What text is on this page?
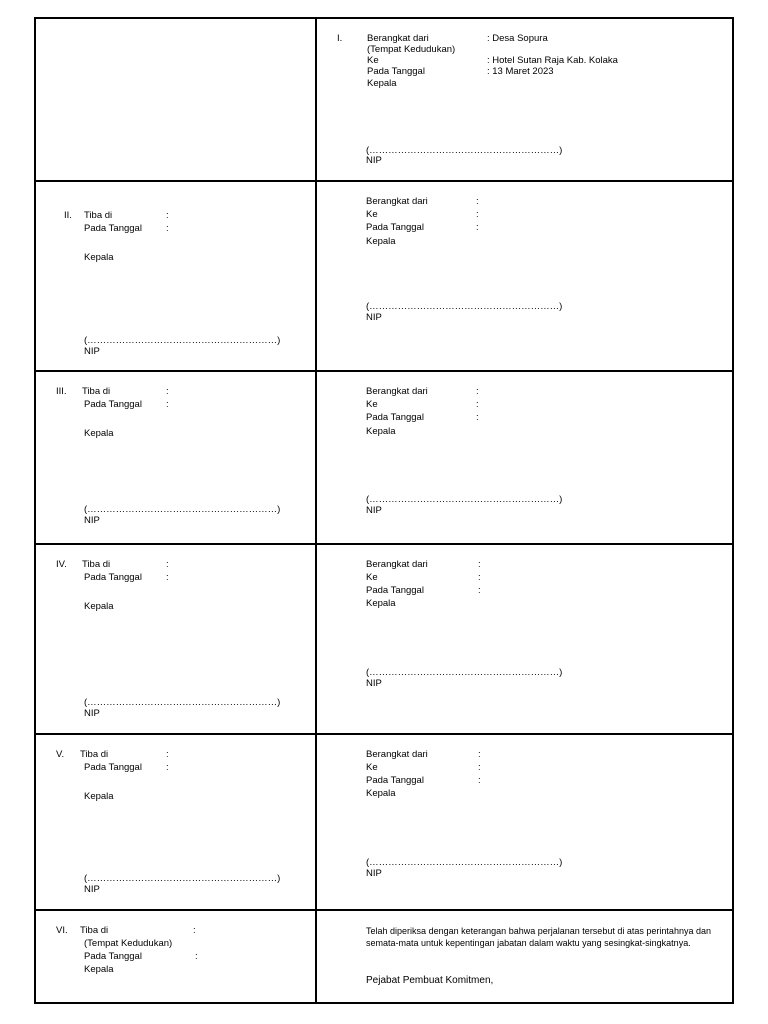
I.	Berangkat dari	: Desa Sopura
(Tempat Kedudukan)
Ke	: Hotel Sutan Raja Kab. Kolaka
Pada Tanggal	: 13 Maret 2023
Kepala
(……………………………………………………)
NIP
II. Tiba di	:
Pada Tanggal	:
Kepala
(……………………………………………………)
NIP
Berangkat dari	:
Ke	:
Pada Tanggal	:
Kepala
(……………………………………………………)
NIP
III. Tiba di	:
Pada Tanggal	:
Kepala
(……………………………………………………)
NIP
Berangkat dari	:
Ke	:
Pada Tanggal	:
Kepala
(……………………………………………………)
NIP
IV. Tiba di	:
Pada Tanggal	:
Kepala
(……………………………………………………)
NIP
Berangkat dari	:
Ke	:
Pada Tanggal	:
Kepala
(……………………………………………………)
NIP
V. Tiba di	:
Pada Tanggal	:
Kepala
(……………………………………………………)
NIP
Berangkat dari	:
Ke	:
Pada Tanggal	:
Kepala
(……………………………………………………)
NIP
VI. Tiba di	:
(Tempat Kedudukan)
Pada Tanggal	:
Kepala
Telah diperiksa dengan keterangan bahwa perjalanan tersebut di atas perintahnya dan semata-mata untuk kepentingan jabatan dalam waktu yang sesingkat-singkatnya.
Pejabat Pembuat Komitmen,
